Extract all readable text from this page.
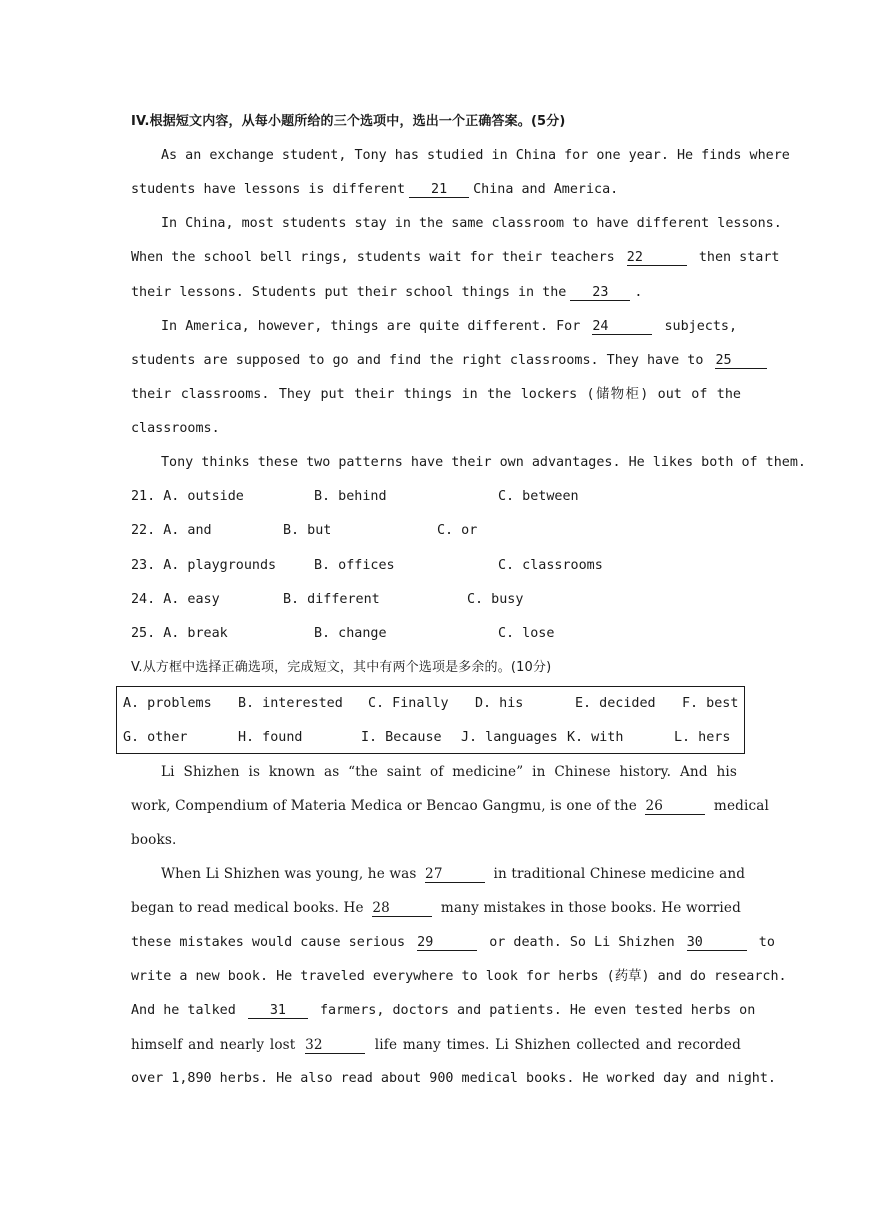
IV.根据短文内容，从每小题所给的三个选项中，选出一个正确答案。(5分)
As an exchange student, Tony has studied in China for one year. He finds where
students have lessons is different 21 China and America.
In China, most students stay in the same classroom to have different lessons.
When the school bell rings, students wait for their teachers 22	then start
their lessons. Students put their school things in the 23 .
In America, however, things are quite different. For 24	subjects,
students are supposed to go and find the right classrooms. They have to 25
their classrooms. They put their things in the lockers (储物柜) out of the
classrooms.
Tony thinks these two patterns have their own advantages. He likes both of them.
21. A. outside	B. behind	C. between
22. A. and	B. but	C. or
23. A. playgrounds	B. offices	C. classrooms
24. A. easy	B. different	C. busy
25. A. break	B. change	C. lose
V.从方框中选择正确选项，完成短文，其中有两个选项是多余的。(10分)
A. problems B. interested C. Finally D. his	E. decided F. best
G. other	H. found	I. Because J. languages K. with	L. hers
Li Shizhen is known as “the saint of medicine” in Chinese history. And his
work, Compendium of Materia Medica or Bencao Gangmu, is one of the 26	medical
books.
When Li Shizhen was young, he was 27	in traditional Chinese medicine and
began to read medical books. He 28	many mistakes in those books. He worried
these mistakes would cause serious 29	or death. So Li Shizhen 30	to
write a new book. He traveled everywhere to look for herbs (药草) and do research.
And he talked	31	farmers, doctors and patients. He even tested herbs on
himself and nearly lost 32	life many times. Li Shizhen collected and recorded
over 1,890 herbs. He also read about 900 medical books. He worked day and night.
